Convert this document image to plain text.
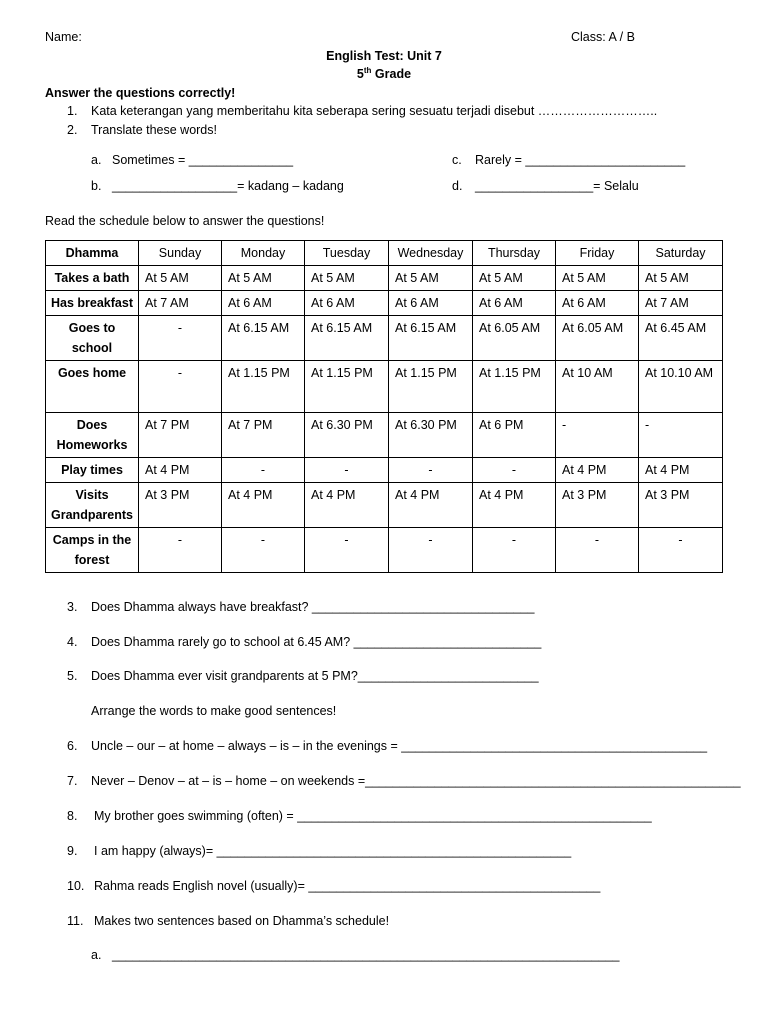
Name:	Class: A / B
English Test: Unit 7
5th Grade
Answer the questions correctly!
1. Kata keterangan yang memberitahu kita seberapa sering sesuatu terjadi disebut ………………………..
2. Translate these words!
a. Sometimes = _______________	c. Rarely = _______________________
b. __________________= kadang – kadang	d. _________________= Selalu
Read the schedule below to answer the questions!
Dhamma	Sunday	Monday	Tuesday	Wednesday	Thursday	Friday	Saturday
Takes a bath	At 5 AM	At 5 AM	At 5 AM	At 5 AM	At 5 AM	At 5 AM	At 5 AM
Has breakfast	At 7 AM	At 6 AM	At 6 AM	At 6 AM	At 6 AM	At 6 AM	At 7 AM
Goes to school	-	At 6.15 AM	At 6.15 AM	At 6.15 AM	At 6.05 AM	At 6.05 AM	At 6.45 AM
Goes home	-	At 1.15 PM	At 1.15 PM	At 1.15 PM	At 1.15 PM	At 10 AM	At 10.10 AM
Does Homeworks	At 7 PM	At 7 PM	At 6.30 PM	At 6.30 PM	At 6 PM	-	-
Play times	At 4 PM	-	-	-	-	At 4 PM	At 4 PM
Visits Grandparents	At 3 PM	At 4 PM	At 4 PM	At 4 PM	At 4 PM	At 3 PM	At 3 PM
Camps in the forest	-	-	-	-	-	-	-
3. Does Dhamma always have breakfast? ________________________________
4. Does Dhamma rarely go to school at 6.45 AM? ___________________________
5. Does Dhamma ever visit grandparents at 5 PM?__________________________
Arrange the words to make good sentences!
6. Uncle – our – at home – always – is – in the evenings = ____________________________________________
7. Never – Denov – at – is – home – on weekends =______________________________________________________
8. My brother goes swimming (often) = ___________________________________________________
9. I am happy (always)= ___________________________________________________
10. Rahma reads English novel (usually)= __________________________________________
11. Makes two sentences based on Dhamma’s schedule!
a. _________________________________________________________________________
